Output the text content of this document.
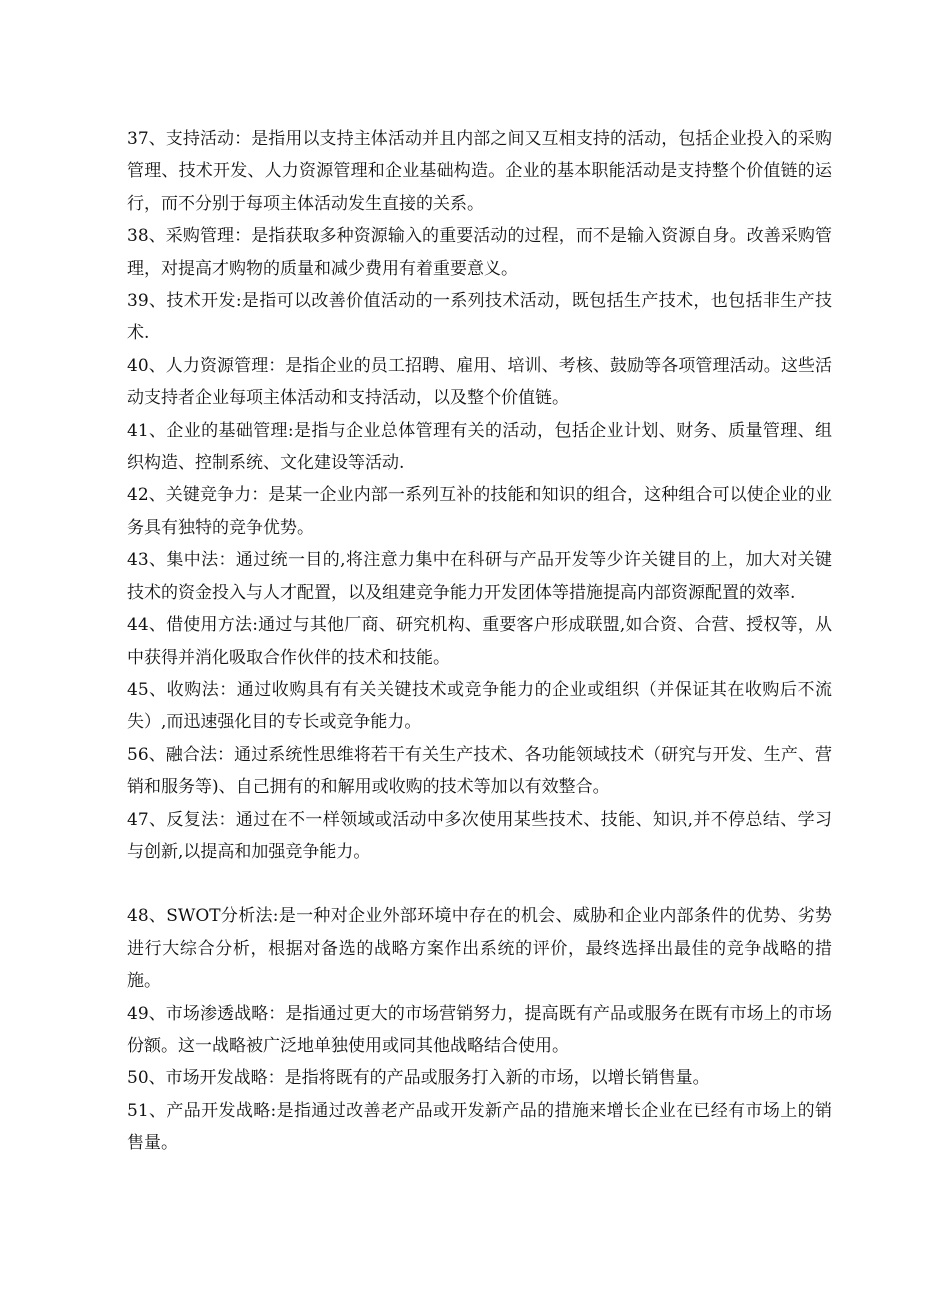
37、支持活动：是指用以支持主体活动并且内部之间又互相支持的活动，包括企业投入的采购管理、技术开发、人力资源管理和企业基础构造。企业的基本职能活动是支持整个价值链的运行，而不分别于每项主体活动发生直接的关系。

38、采购管理：是指获取多种资源输入的重要活动的过程，而不是输入资源自身。改善采购管理，对提高才购物的质量和减少费用有着重要意义。

39、技术开发:是指可以改善价值活动的一系列技术活动，既包括生产技术，也包括非生产技术.

40、人力资源管理：是指企业的员工招聘、雇用、培训、考核、鼓励等各项管理活动。这些活动支持者企业每项主体活动和支持活动，以及整个价值链。

41、企业的基础管理:是指与企业总体管理有关的活动，包括企业计划、财务、质量管理、组织构造、控制系统、文化建设等活动.

42、关键竞争力：是某一企业内部一系列互补的技能和知识的组合，这种组合可以使企业的业务具有独特的竞争优势。

43、集中法：通过统一目的,将注意力集中在科研与产品开发等少许关键目的上，加大对关键技术的资金投入与人才配置，以及组建竞争能力开发团体等措施提高内部资源配置的效率.

44、借使用方法:通过与其他厂商、研究机构、重要客户形成联盟,如合资、合营、授权等，从中获得并消化吸取合作伙伴的技术和技能。

45、收购法：通过收购具有有关关键技术或竞争能力的企业或组织（并保证其在收购后不流失）,而迅速强化目的专长或竞争能力。

56、融合法：通过系统性思维将若干有关生产技术、各功能领域技术（研究与开发、生产、营销和服务等)、自己拥有的和解用或收购的技术等加以有效整合。

47、反复法：通过在不一样领域或活动中多次使用某些技术、技能、知识,并不停总结、学习与创新,以提高和加强竞争能力。

48、SWOT分析法:是一种对企业外部环境中存在的机会、威胁和企业内部条件的优势、劣势进行大综合分析，根据对备选的战略方案作出系统的评价，最终选择出最佳的竞争战略的措施。

49、市场渗透战略：是指通过更大的市场营销努力，提高既有产品或服务在既有市场上的市场份额。这一战略被广泛地单独使用或同其他战略结合使用。

50、市场开发战略：是指将既有的产品或服务打入新的市场，以增长销售量。

51、产品开发战略:是指通过改善老产品或开发新产品的措施来增长企业在已经有市场上的销售量。
